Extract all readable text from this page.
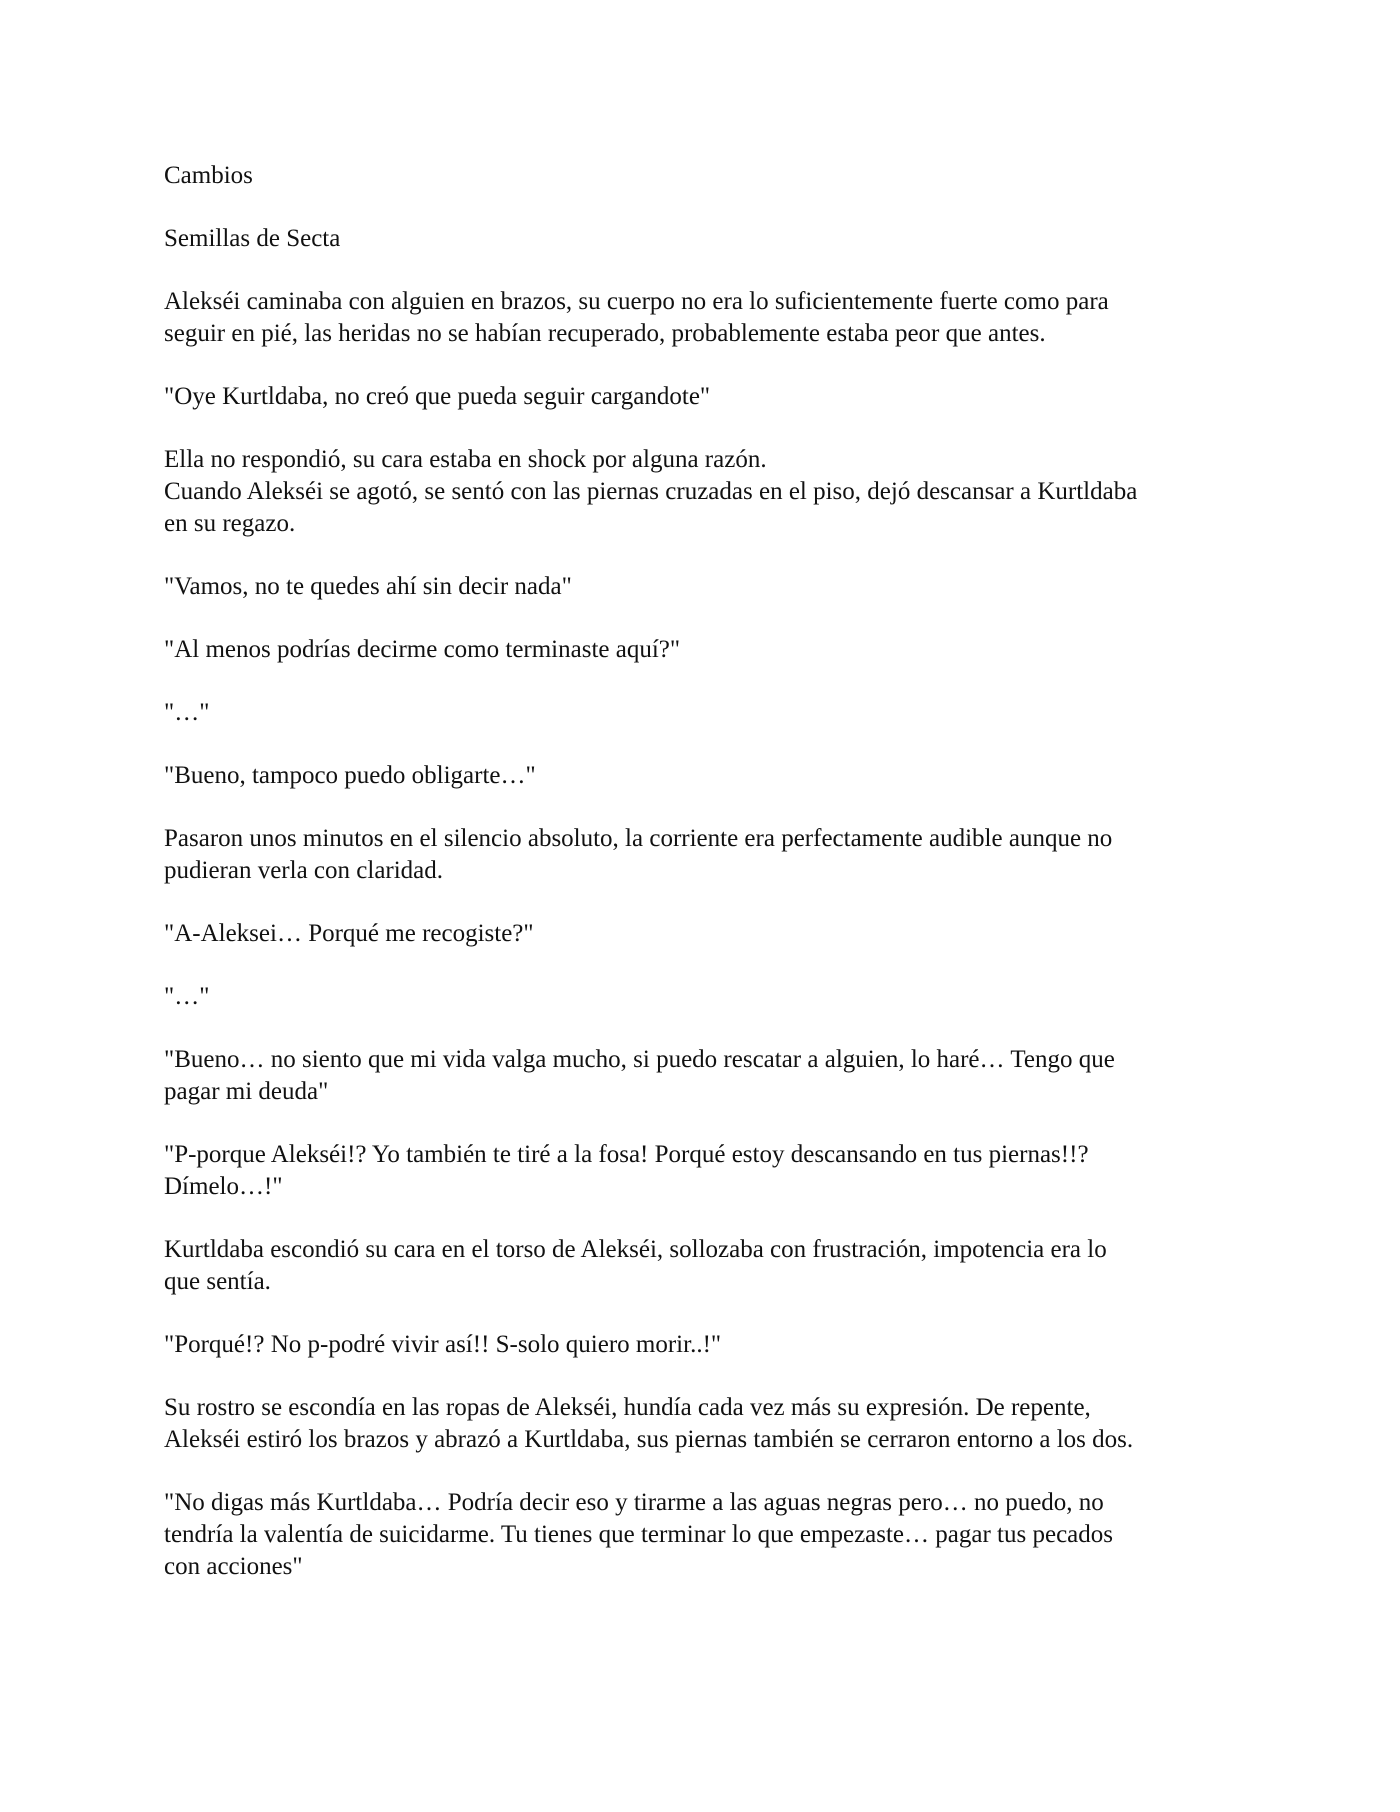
Cambios

Semillas de Secta

Alekséi caminaba con alguien en brazos, su cuerpo no era lo suficientemente fuerte como para
seguir en pié, las heridas no se habían recuperado, probablemente estaba peor que antes.

"Oye Kurtldaba, no creó que pueda seguir cargandote"

Ella no respondió, su cara estaba en shock por alguna razón.
Cuando Alekséi se agotó, se sentó con las piernas cruzadas en el piso, dejó descansar a Kurtldaba
en su regazo.

"Vamos, no te quedes ahí sin decir nada"

"Al menos podrías decirme como terminaste aquí?"

"…"

"Bueno, tampoco puedo obligarte…"

Pasaron unos minutos en el silencio absoluto, la corriente era perfectamente audible aunque no
pudieran verla con claridad.

"A-Aleksei… Porqué me recogiste?"

"…"

"Bueno… no siento que mi vida valga mucho, si puedo rescatar a alguien, lo haré… Tengo que
pagar mi deuda"

"P-porque Alekséi!? Yo también te tiré a la fosa! Porqué estoy descansando en tus piernas!!?
Dímelo…!"

Kurtldaba escondió su cara en el torso de Alekséi, sollozaba con frustración, impotencia era lo
que sentía.

"Porqué!? No p-podré vivir así!! S-solo quiero morir..!"

Su rostro se escondía en las ropas de Alekséi, hundía cada vez más su expresión. De repente,
Alekséi estiró los brazos y abrazó a Kurtldaba, sus piernas también se cerraron entorno a los dos.

"No digas más Kurtldaba… Podría decir eso y tirarme a las aguas negras pero… no puedo, no
tendría la valentía de suicidarme. Tu tienes que terminar lo que empezaste… pagar tus pecados
con acciones"
